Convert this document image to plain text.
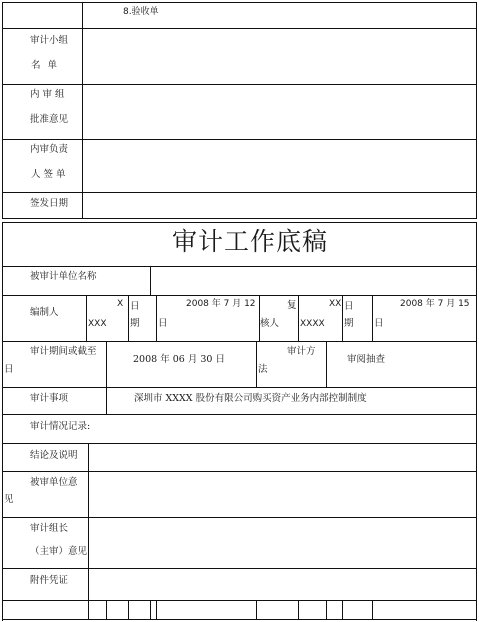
8.验收单
审计小组
名 单
内 审 组
批准意见
内审负责
人 签 单
签发日期
审计工作底稿
被审计单位名称
编制人
X
XXX
日
期
2008 年 7 月 12
日
复
核人
XX
XXXX
日
期
2008 年 7 月 15
日
审计期间或截至
日
2008 年 06 月 30 日
审计方
法
审阅抽查
审计事项	深圳市 XXXX 股份有限公司购买资产业务内部控制制度
审计情况记录:
结论及说明
被审单位意
见
审计组长
（主审）意见
附件凭证
